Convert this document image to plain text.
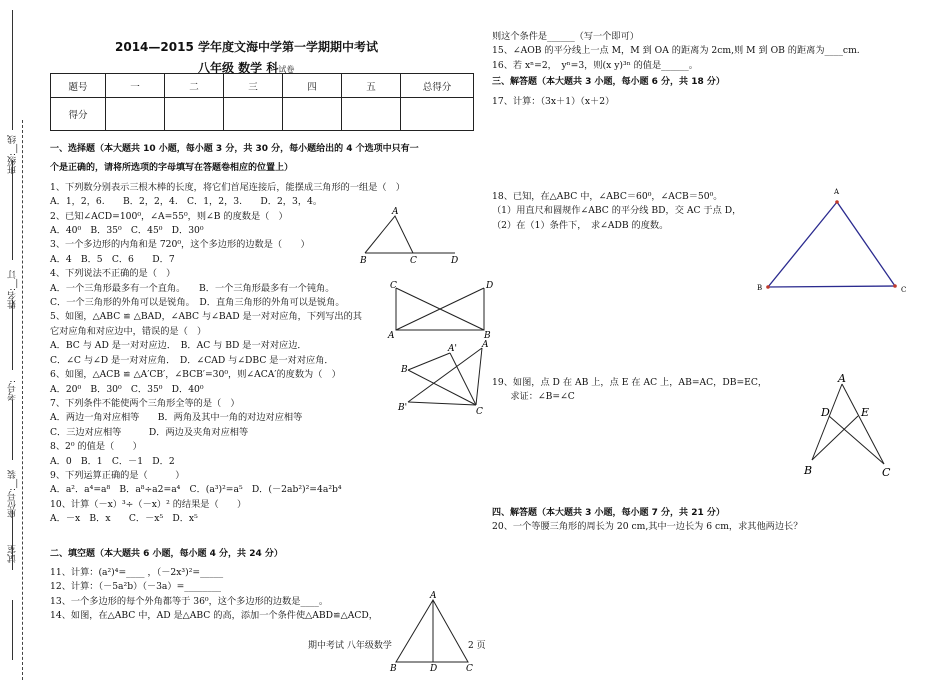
班级:__线
姓名:__订
考号:
座位号:__装
试室
2014—2015 学年度文海中学第一学期期中考试
八年级 数学 科试卷
题号	一	二	三	四	五	总得分
得分						
一、选择题（本大题共 10 小题，每小题 3 分，共 30 分，每小题给出的 4 个选项中只有一
个是正确的，请将所选项的字母填写在答题卷相应的位置上）
1、下列数分别表示三根木棒的长度，将它们首尾连接后，能摆成三角形的一组是（　）
A．1，2，6.　　B．2，2，4.　C．1，2，3.　　D．2，3，4。
2、已知∠ACD=100⁰，∠A=55⁰，则∠B 的度数是（　）
A．40⁰　B．35⁰　C．45⁰　D．30⁰
3、一个多边形的内角和是 720⁰，这个多边形的边数是（　　）
A．4　B．5　C．6　　D．7
4、下列说法不正确的是（　）
A．一个三角形最多有一个直角。　　B．一个三角形最多有一个钝角。
C．一个三角形的外角可以是锐角。　D．直角三角形的外角可以是锐角。
5、如图，△ABC ≌ △BAD，∠ABC 与∠BAD 是一对对应角，下列写出的其
它对应角和对应边中，错误的是（　）
A．BC 与 AD 是一对对应边．　B．AC 与 BD 是一对对应边．
C．∠C 与∠D 是一对对应角．　D．∠CAD 与∠DBC 是一对对应角．
6、如图，△ACB ≌ △A′CB′，∠BCB′=30⁰，则∠ACA′的度数为（　）
A．20⁰　B．30⁰　C．35⁰　D．40⁰
7、下列条件不能使两个三角形全等的是（　）
A．两边一角对应相等　　B．两角及其中一角的对边对应相等
C．三边对应相等　　　D．两边及夹角对应相等
8、2⁰ 的值是（　　）
A．0　B．1　C．－1　D．2
9、下列运算正确的是（　　　）
A．a²．a⁴=a⁸　B．a⁸÷a2=a⁴　C．(a³)²=a⁵　D．(－2ab²)²=4a²b⁴
10、计算（－x）³÷（－x）² 的结果是（　　）
A．－x　B．x　　C．－x⁵　D．x⁵
二、填空题（本大题共 6 小题，每小题 4 分，共 24 分）
11、计算：(a²)⁴=____ ，（－2x³)²=_____
12、计算：（－5a²b）（－3a）=________
13、一个多边形的每个外角都等于 36⁰，这个多边形的边数是____。
14、如图，在△ABC 中，AD 是△ABC 的高，添加一个条件使△ABD≌△ACD，
则这个条件是______（写一个即可）
15、∠AOB 的平分线上一点 M，M 到 OA 的距离为 2cm,则 M 到 OB 的距离为____cm.
16、若 xⁿ=2，　yⁿ=3，则(x y)³ⁿ 的值是______。
三、解答题（本大题共 3 小题，每小题 6 分，共 18 分）
17、计算：（3x＋1）（x＋2）
18、已知，在△ABC 中，∠ABC＝60⁰，∠ACB＝50⁰。
（1）用直尺和圆规作∠ABC 的平分线 BD，交 AC 于点 D，
（2）在（1）条件下，　求∠ADB 的度数。
19、如图，点 D 在 AB 上，点 E 在 AC 上，AB=AC，DB=EC，
　　求证：∠B=∠C
四、解答题（本大题共 3 小题，每小题 7 分，共 21 分）
20、一个等腰三角形的周长为 20 cm,其中一边长为 6 cm，求其他两边长？
期中考试 八年级数学	2 页
A
B	C	D
C	D
A	B
A'	A
B
B'	C
A
B	D	C
A
B	C
A
D	E
B	C
